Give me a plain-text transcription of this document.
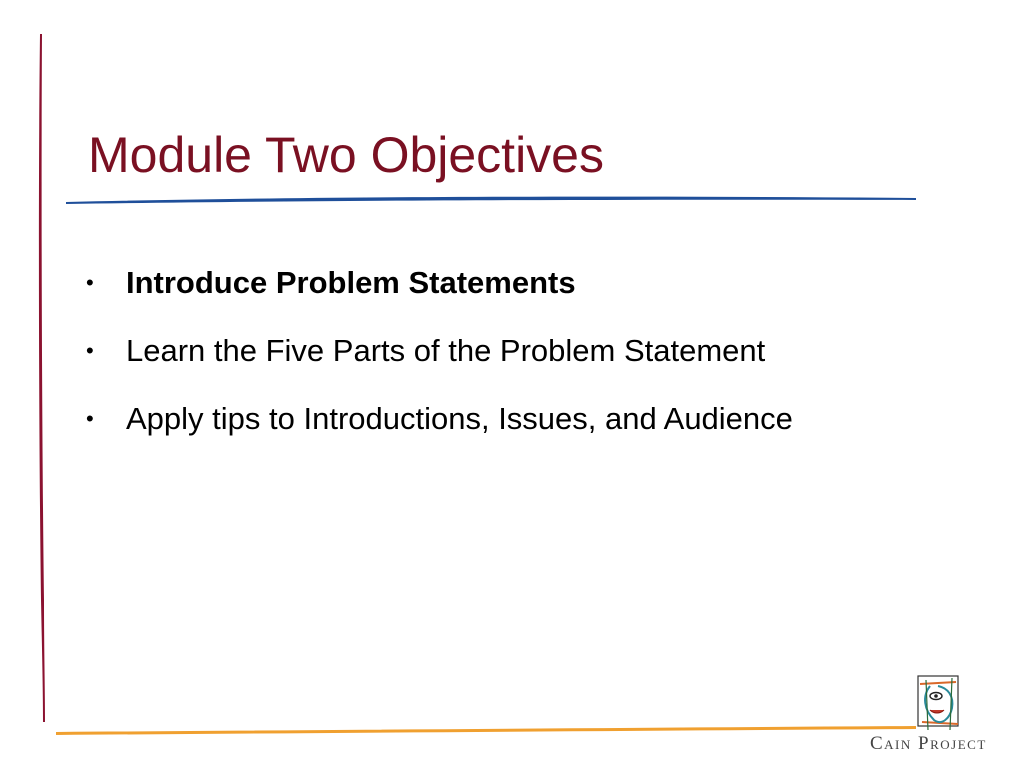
Module Two Objectives
• Introduce Problem Statements
• Learn the Five Parts of the Problem Statement
• Apply tips to Introductions, Issues, and Audience
Cain Project
